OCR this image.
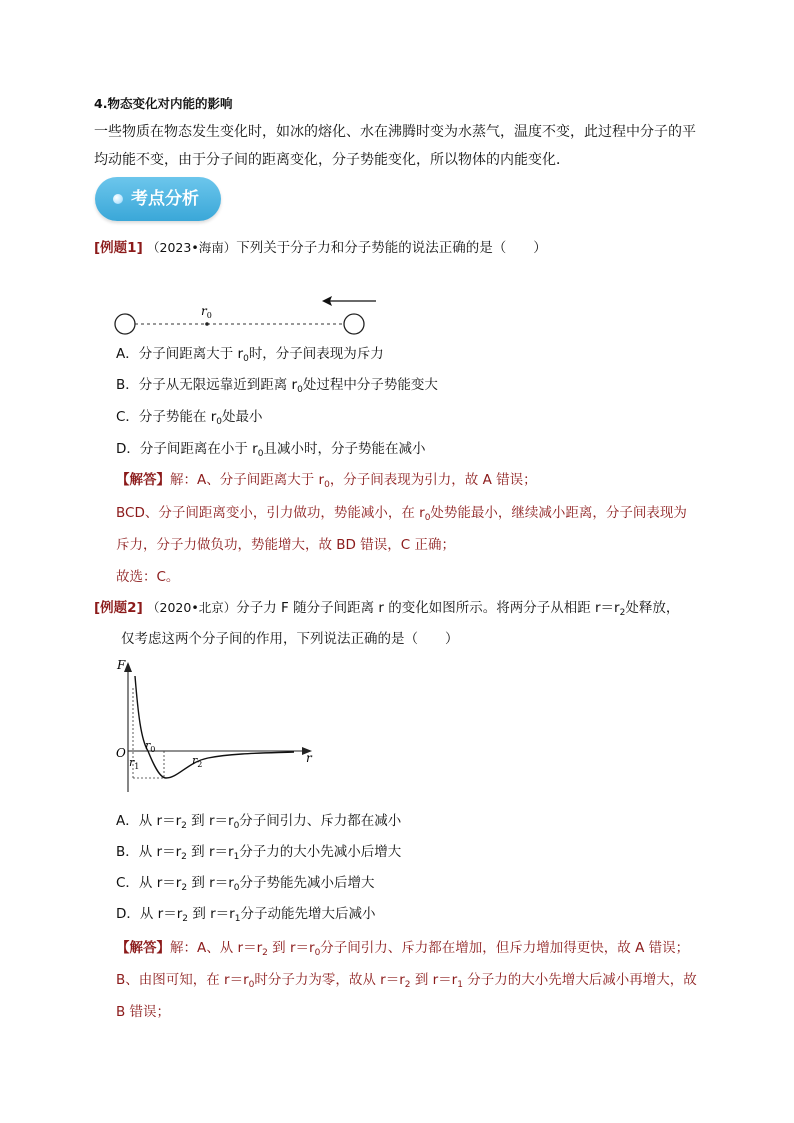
4.物态变化对内能的影响
一些物质在物态发生变化时，如冰的熔化、水在沸腾时变为水蒸气，温度不变，此过程中分子的平
均动能不变，由于分子间的距离变化，分子势能变化，所以物体的内能变化．
考点分析
[例题1] （2023•海南）下列关于分子力和分子势能的说法正确的是（　　）
$r_0$
A．分子间距离大于 $r_0$时，分子间表现为斥力
B．分子从无限远靠近到距离 $r_0$处过程中分子势能变大
C．分子势能在 $r_0$处最小
D．分子间距离在小于 $r_0$且减小时，分子势能在减小
【解答】解：A、分子间距离大于 $r_0$，分子间表现为引力，故 A 错误；
BCD、分子间距离变小，引力做功，势能减小，在 $r_0$处势能最小，继续减小距离，分子间表现为
斥力，分子力做负功，势能增大，故 BD 错误，C 正确；
故选：C。
[例题2] （2020•北京）分子力 F 随分子间距离 r 的变化如图所示。将两分子从相距 $r=r_2$处释放，
仅考虑这两个分子间的作用，下列说法正确的是（　　）
F
O	r
$r_0$
$r_1$	$r_2$
A．从 $r=r_2$ 到 $r=r_0$分子间引力、斥力都在减小
B．从 $r=r_2$ 到 $r=r_1$分子力的大小先减小后增大
C．从 $r=r_2$ 到 $r=r_0$分子势能先减小后增大
D．从 $r=r_2$ 到 $r=r_1$分子动能先增大后减小
【解答】解：A、从 $r=r_2$ 到 $r=r_0$分子间引力、斥力都在增加，但斥力增加得更快，故 A 错误；
B、由图可知，在 $r=r_0$时分子力为零，故从 $r=r_2$ 到 $r=r_1$ 分子力的大小先增大后减小再增大，故
B 错误；
